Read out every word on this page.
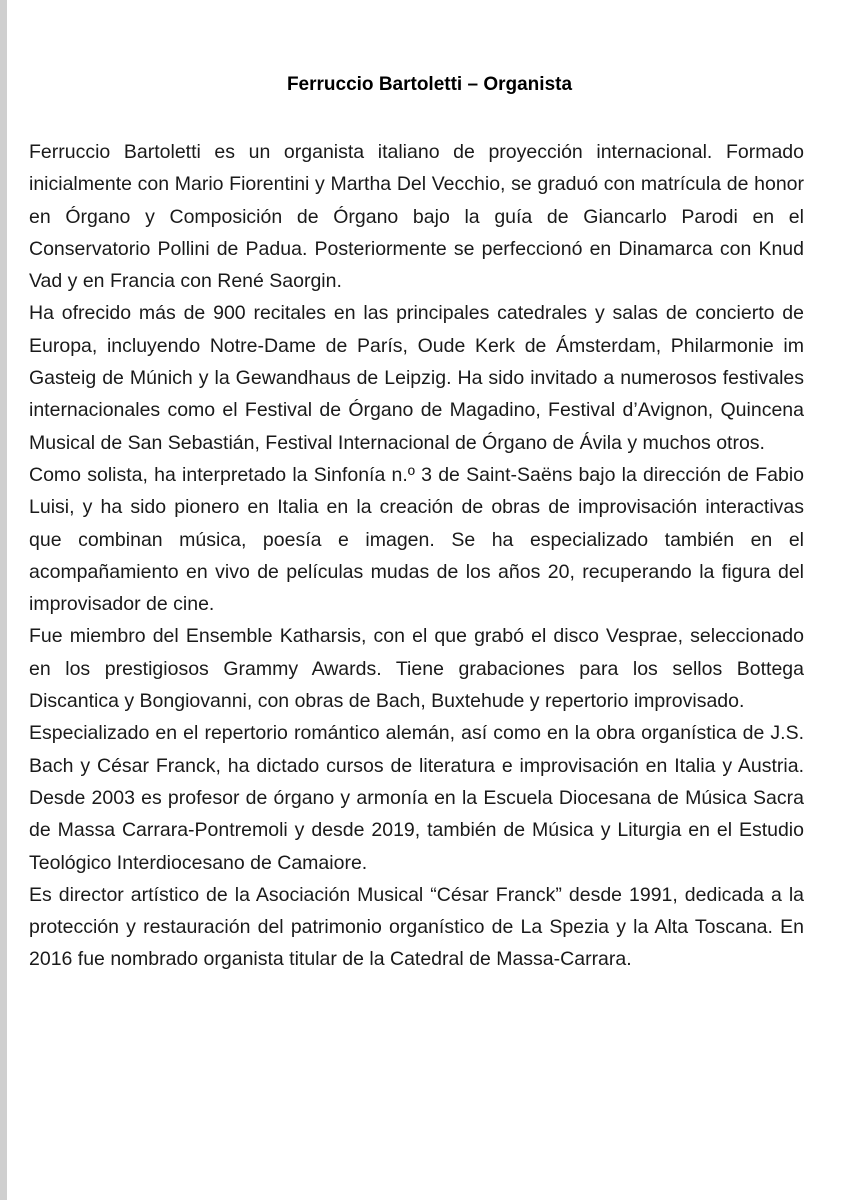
Ferruccio Bartoletti – Organista

Ferruccio Bartoletti es un organista italiano de proyección internacional. Formado inicialmente con Mario Fiorentini y Martha Del Vecchio, se graduó con matrícula de honor en Órgano y Composición de Órgano bajo la guía de Giancarlo Parodi en el Conservatorio Pollini de Padua. Posteriormente se perfeccionó en Dinamarca con Knud Vad y en Francia con René Saorgin.

Ha ofrecido más de 900 recitales en las principales catedrales y salas de concierto de Europa, incluyendo Notre-Dame de París, Oude Kerk de Ámsterdam, Philarmonie im Gasteig de Múnich y la Gewandhaus de Leipzig. Ha sido invitado a numerosos festivales internacionales como el Festival de Órgano de Magadino, Festival d’Avignon, Quincena Musical de San Sebastián, Festival Internacional de Órgano de Ávila y muchos otros.

Como solista, ha interpretado la Sinfonía n.º 3 de Saint-Saëns bajo la dirección de Fabio Luisi, y ha sido pionero en Italia en la creación de obras de improvisación interactivas que combinan música, poesía e imagen. Se ha especializado también en el acompañamiento en vivo de películas mudas de los años 20, recuperando la figura del improvisador de cine.

Fue miembro del Ensemble Katharsis, con el que grabó el disco Vesprae, seleccionado en los prestigiosos Grammy Awards. Tiene grabaciones para los sellos Bottega Discantica y Bongiovanni, con obras de Bach, Buxtehude y repertorio improvisado.

Especializado en el repertorio romántico alemán, así como en la obra organística de J.S. Bach y César Franck, ha dictado cursos de literatura e improvisación en Italia y Austria. Desde 2003 es profesor de órgano y armonía en la Escuela Diocesana de Música Sacra de Massa Carrara-Pontremoli y desde 2019, también de Música y Liturgia en el Estudio Teológico Interdiocesano de Camaiore.

Es director artístico de la Asociación Musical “César Franck” desde 1991, dedicada a la protección y restauración del patrimonio organístico de La Spezia y la Alta Toscana. En 2016 fue nombrado organista titular de la Catedral de Massa-Carrara.
